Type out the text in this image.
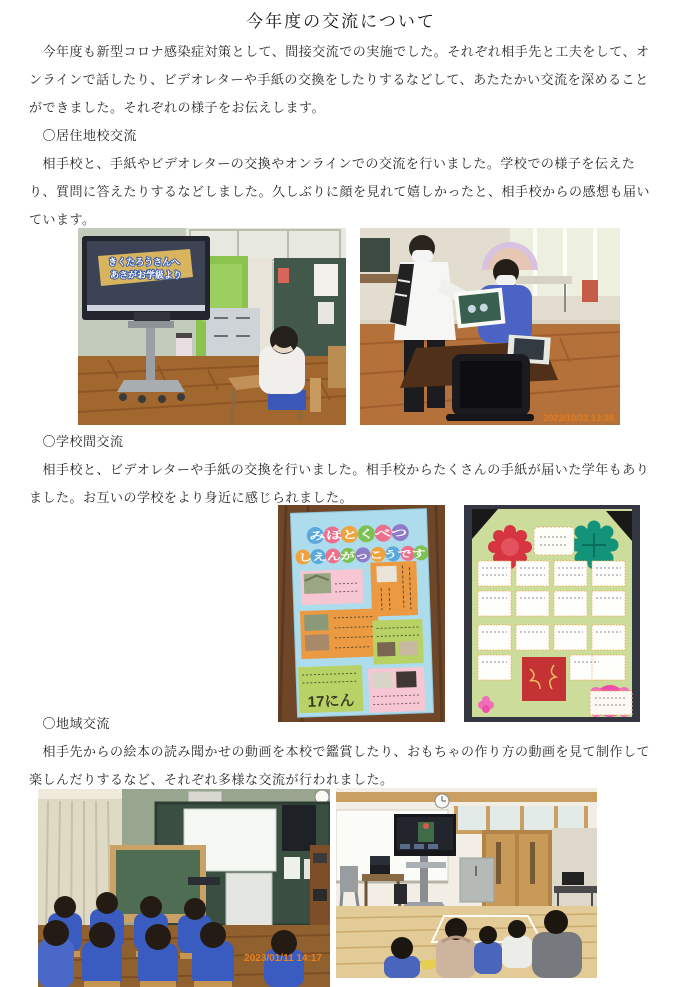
今年度の交流について

　今年度も新型コロナ感染症対策として、間接交流での実施でした。それぞれ相手先と工夫をして、オンラインで話したり、ビデオレターや手紙の交換をしたりするなどして、あたたかい交流を深めることができました。それぞれの様子をお伝えします。

　〇居住地校交流

　相手校と、手紙やビデオレターの交換やオンラインでの交流を行いました。学校での様子を伝えたり、質問に答えたりするなどしました。久しぶりに顔を見れて嬉しかったと、相手校からの感想も届いています。

きくたろうさんへ
あさがお学級より
2022/10/31 13:35

　〇学校間交流

　相手校と、ビデオレターや手紙の交換を行いました。相手校からたくさんの手紙が届いた学年もありました。お互いの学校をより身近に感じられました。

みほとくべつ
しえんがっこうです
17にん

　〇地域交流

　相手先からの絵本の読み聞かせの動画を本校で鑑賞したり、おもちゃの作り方の動画を見て制作して楽しんだりするなど、それぞれ多様な交流が行われました。

2023/01/11 14:17
